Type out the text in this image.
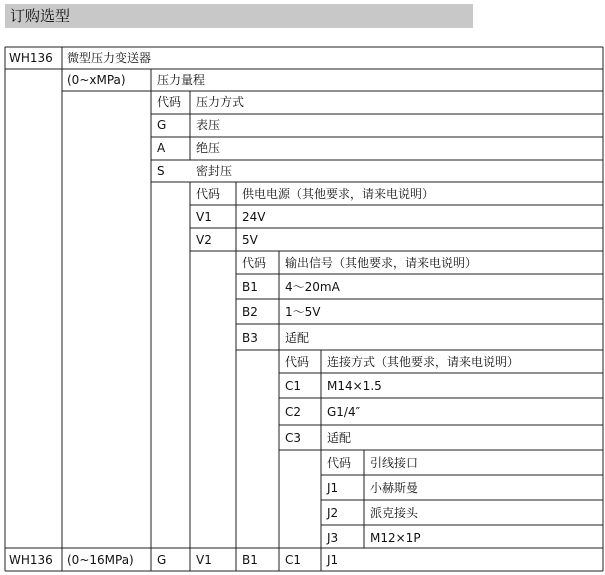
订购选型
WH136 微型压力变送器
(0~xMPa)	压力量程
代码 压力方式
G 表压
A	绝压
S	密封压
代码 供电电源（其他要求，请来电说明）
V1	24V
V2	5V
代码 输出信号（其他要求，请来电说明）
B1 4～20mA
B2 1～5V
B3 适配
代码 连接方式（其他要求，请来电说明）
C1 M14×1.5
C2 G1/4″
C3 适配
代码 引线接口
J1	小赫斯曼
J2	派克接头
J3	M12×1P
WH136 (0~16MPa) G V1	B1 C1 J1
